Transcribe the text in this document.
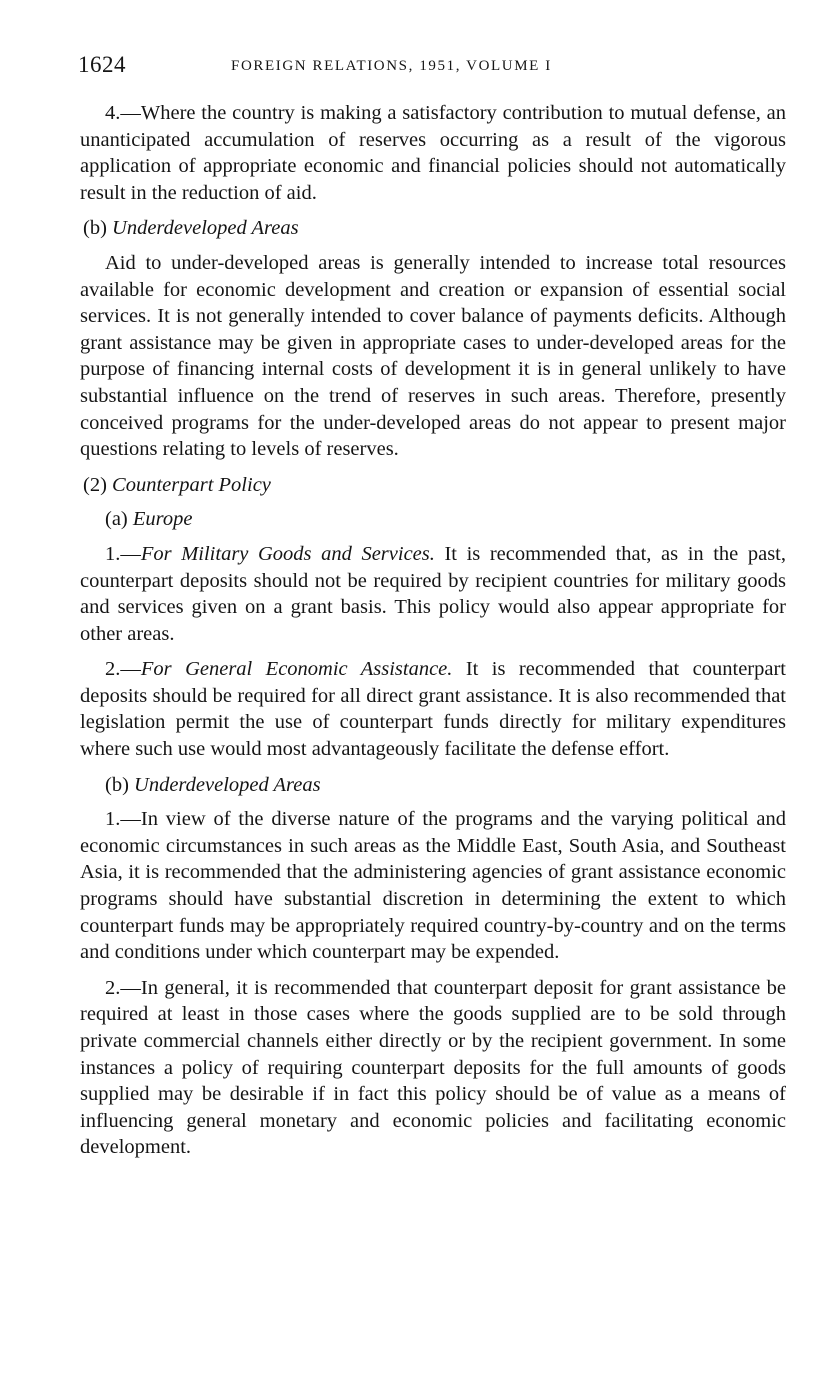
1624	FOREIGN RELATIONS, 1951, VOLUME I

4.—Where the country is making a satisfactory contribution to mutual defense, an unanticipated accumulation of reserves occurring as a result of the vigorous application of appropriate economic and financial policies should not automatically result in the reduction of aid.

(b) Underdeveloped Areas

Aid to under-developed areas is generally intended to increase total resources available for economic development and creation or expansion of essential social services. It is not generally intended to cover balance of payments deficits. Although grant assistance may be given in appropriate cases to under-developed areas for the purpose of financing internal costs of development it is in general unlikely to have substantial influence on the trend of reserves in such areas. Therefore, presently conceived programs for the under-developed areas do not appear to present major questions relating to levels of reserves.

(2) Counterpart Policy

(a) Europe

1.—For Military Goods and Services. It is recommended that, as in the past, counterpart deposits should not be required by recipient countries for military goods and services given on a grant basis. This policy would also appear appropriate for other areas.

2.—For General Economic Assistance. It is recommended that counterpart deposits should be required for all direct grant assistance. It is also recommended that legislation permit the use of counterpart funds directly for military expenditures where such use would most advantageously facilitate the defense effort.

(b) Underdeveloped Areas

1.—In view of the diverse nature of the programs and the varying political and economic circumstances in such areas as the Middle East, South Asia, and Southeast Asia, it is recommended that the administering agencies of grant assistance economic programs should have substantial discretion in determining the extent to which counterpart funds may be appropriately required country-by-country and on the terms and conditions under which counterpart may be expended.

2.—In general, it is recommended that counterpart deposit for grant assistance be required at least in those cases where the goods supplied are to be sold through private commercial channels either directly or by the recipient government. In some instances a policy of requiring counterpart deposits for the full amounts of goods supplied may be desirable if in fact this policy should be of value as a means of influencing general monetary and economic policies and facilitating economic development.
